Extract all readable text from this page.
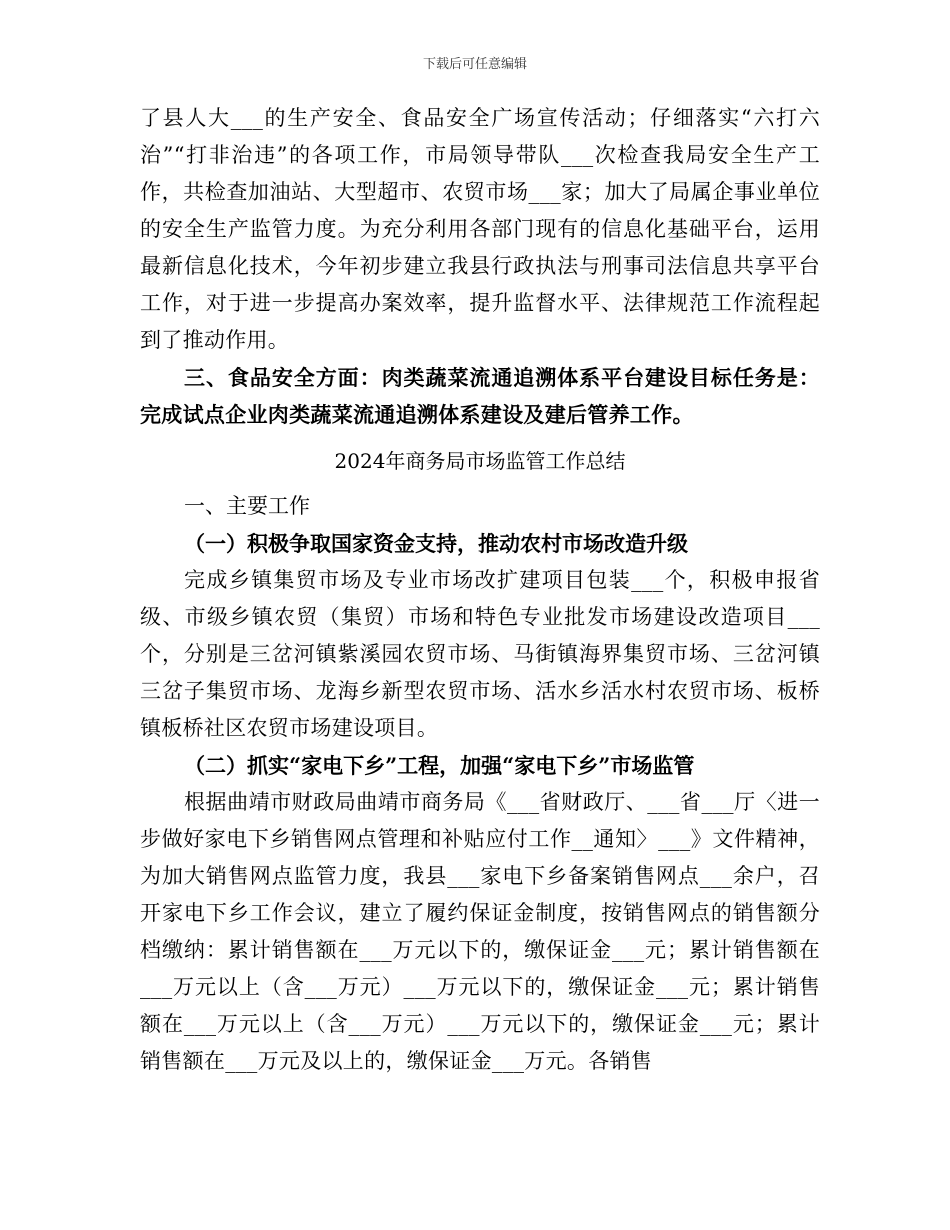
下载后可任意编辑

了县人大___的生产安全、食品安全广场宣传活动；仔细落实“六打六治”“打非治违”的各项工作，市局领导带队___次检查我局安全生产工作，共检查加油站、大型超市、农贸市场___家；加大了局属企事业单位的安全生产监管力度。为充分利用各部门现有的信息化基础平台，运用最新信息化技术，今年初步建立我县行政执法与刑事司法信息共享平台工作，对于进一步提高办案效率，提升监督水平、法律规范工作流程起到了推动作用。

三、食品安全方面：肉类蔬菜流通追溯体系平台建设目标任务是：完成试点企业肉类蔬菜流通追溯体系建设及建后管养工作。

2024年商务局市场监管工作总结

一、主要工作

（一）积极争取国家资金支持，推动农村市场改造升级

完成乡镇集贸市场及专业市场改扩建项目包装___个，积极申报省级、市级乡镇农贸（集贸）市场和特色专业批发市场建设改造项目___个，分别是三岔河镇紫溪园农贸市场、马街镇海界集贸市场、三岔河镇三岔子集贸市场、龙海乡新型农贸市场、活水乡活水村农贸市场、板桥镇板桥社区农贸市场建设项目。

（二）抓实“家电下乡”工程，加强“家电下乡”市场监管

根据曲靖市财政局曲靖市商务局《___省财政厅、___省___厅〈进一步做好家电下乡销售网点管理和补贴应付工作__通知〉___》文件精神，为加大销售网点监管力度，我县___家电下乡备案销售网点___余户，召开家电下乡工作会议，建立了履约保证金制度，按销售网点的销售额分档缴纳：累计销售额在___万元以下的，缴保证金___元；累计销售额在___万元以上（含___万元）___万元以下的，缴保证金___元；累计销售额在___万元以上（含___万元）___万元以下的，缴保证金___元；累计销售额在___万元及以上的，缴保证金___万元。各销售
